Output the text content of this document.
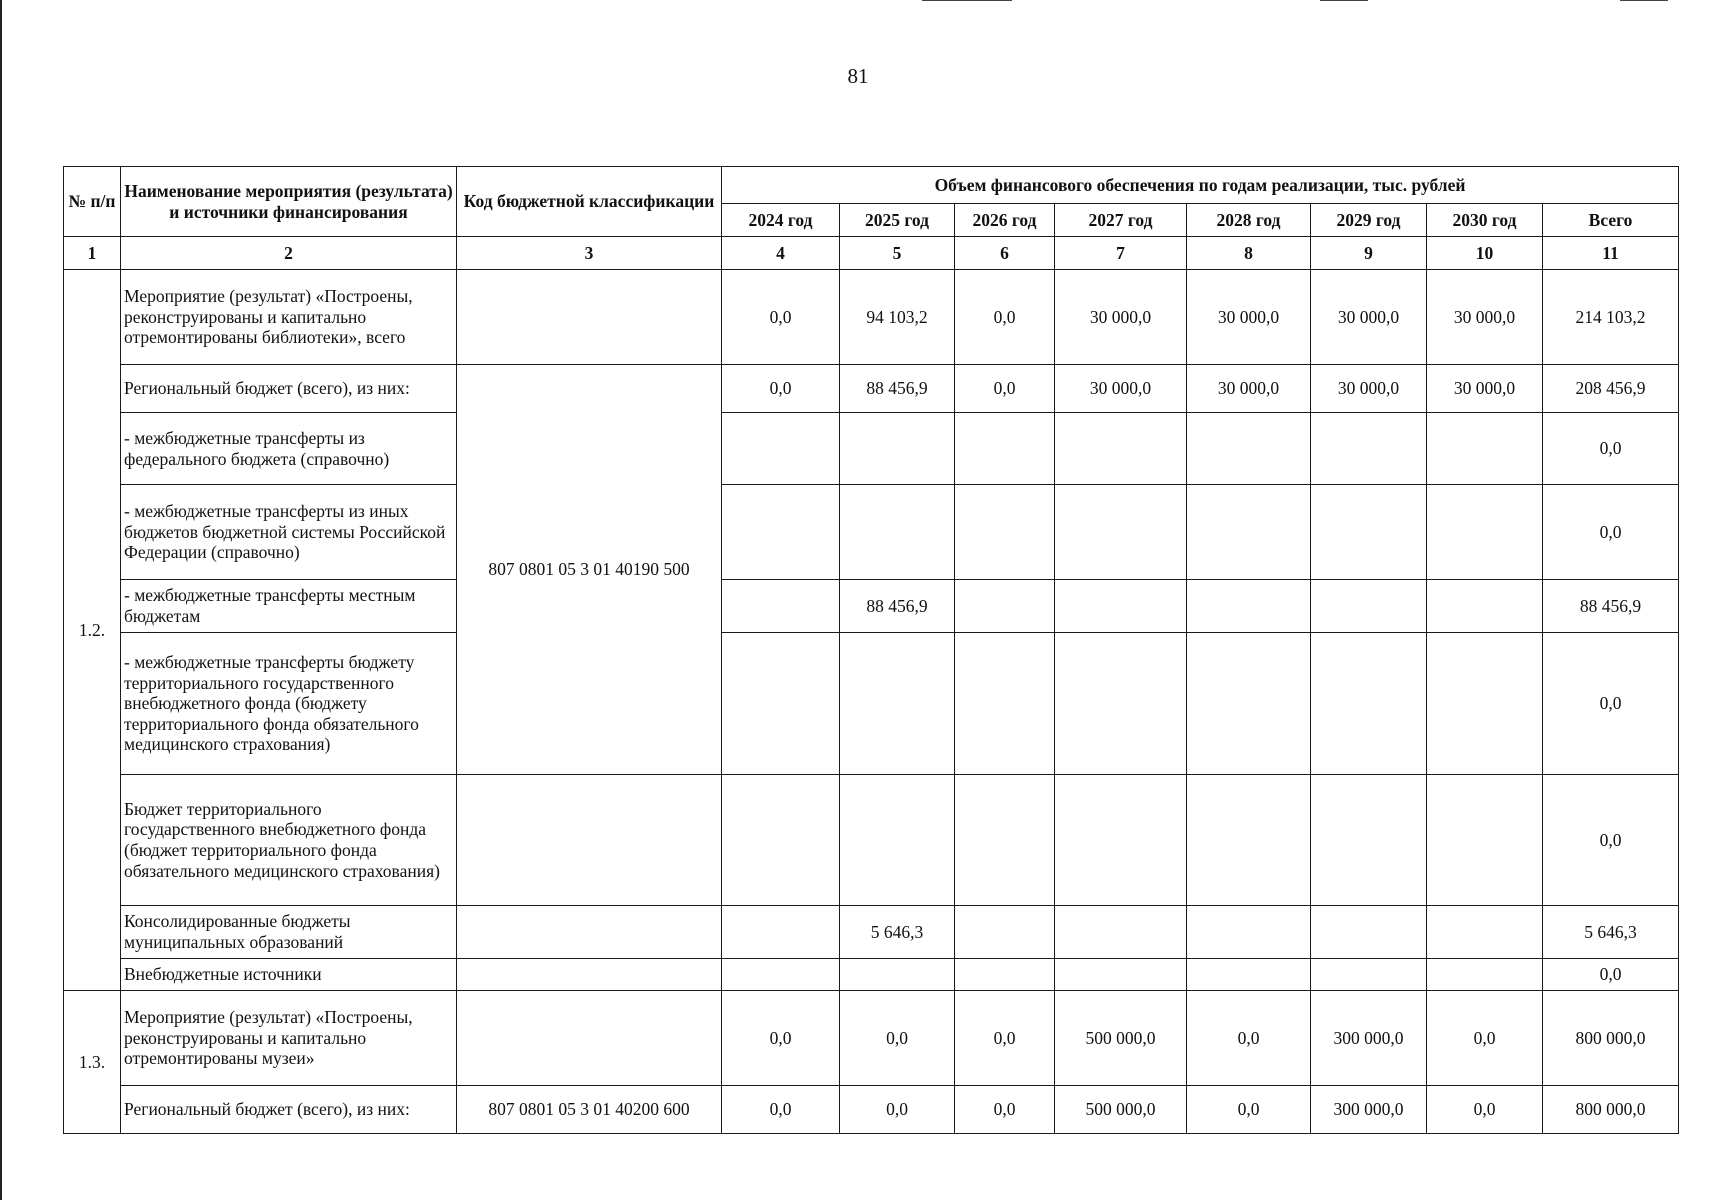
81
№ п/п	Наименование мероприятия (результата) и источники финансирования	Код бюджетной классификации	Объем финансового обеспечения по годам реализации, тыс. рублей							
			2024 год	2025 год	2026 год	2027 год	2028 год	2029 год	2030 год	Всего
1	2	3	4	5	6	7	8	9	10	11
1.2.	Мероприятие (результат) «Построены, реконструированы и капитально отремонтированы библиотеки», всего		0,0	94 103,2	0,0	30 000,0	30 000,0	30 000,0	30 000,0	214 103,2
	Региональный бюджет (всего), из них:	807 0801 05 3 01 40190 500	0,0	88 456,9	0,0	30 000,0	30 000,0	30 000,0	30 000,0	208 456,9
	- межбюджетные трансферты из федерального бюджета (справочно)									0,0
	- межбюджетные трансферты из иных бюджетов бюджетной системы Российской Федерации (справочно)									0,0
	- межбюджетные трансферты местным бюджетам			88 456,9						88 456,9
	- межбюджетные трансферты бюджету территориального государственного внебюджетного фонда (бюджету территориального фонда обязательного медицинского страхования)									0,0
	Бюджет территориального государственного внебюджетного фонда (бюджет территориального фонда обязательного медицинского страхования)									0,0
	Консолидированные бюджеты муниципальных образований			5 646,3						5 646,3
	Внебюджетные источники									0,0
1.3.	Мероприятие (результат) «Построены, реконструированы и капитально отремонтированы музеи»		0,0	0,0	0,0	500 000,0	0,0	300 000,0	0,0	800 000,0
	Региональный бюджет (всего), из них:	807 0801 05 3 01 40200 600	0,0	0,0	0,0	500 000,0	0,0	300 000,0	0,0	800 000,0
